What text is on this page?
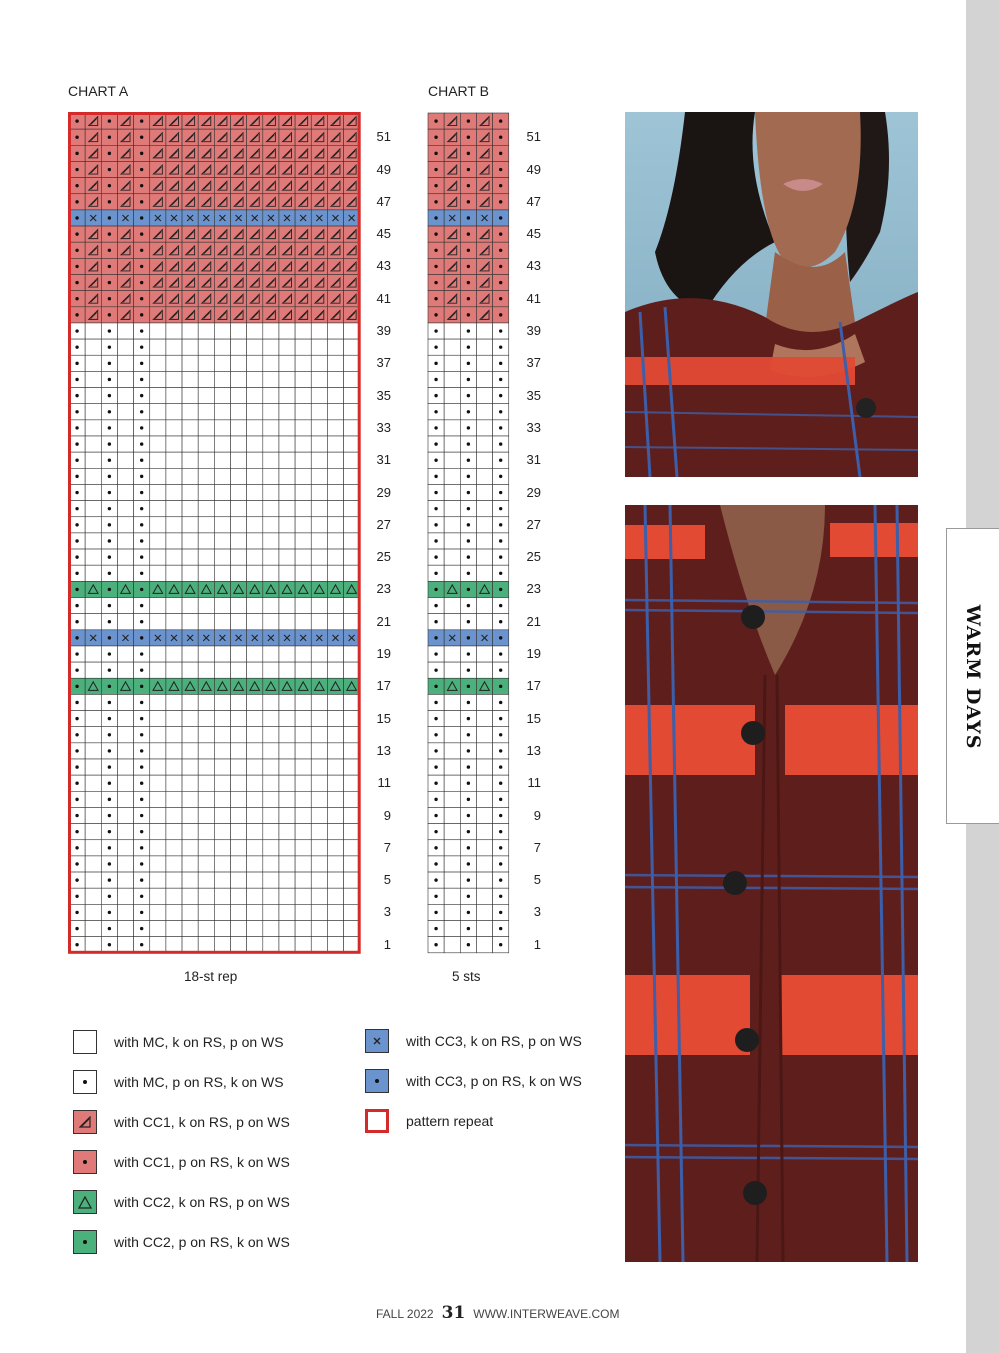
WARM DAYS
CHART A
51
49
47
45
43
41
39
37
35
33
31
29
27
25
23
21
19
17
15
13
11
9
7
5
3
1
18-st rep
CHART B
51
49
47
45
43
41
39
37
35
33
31
29
27
25
23
21
19
17
15
13
11
9
7
5
3
1
5 sts
with MC, k on RS, p on WS
with MC, p on RS, k on WS
with CC1, k on RS, p on WS
with CC1, p on RS, k on WS
with CC2, k on RS, p on WS
with CC2, p on RS, k on WS
with CC3, k on RS, p on WS
with CC3, p on RS, k on WS
pattern repeat
FALL 2022 31 WWW.INTERWEAVE.COM
